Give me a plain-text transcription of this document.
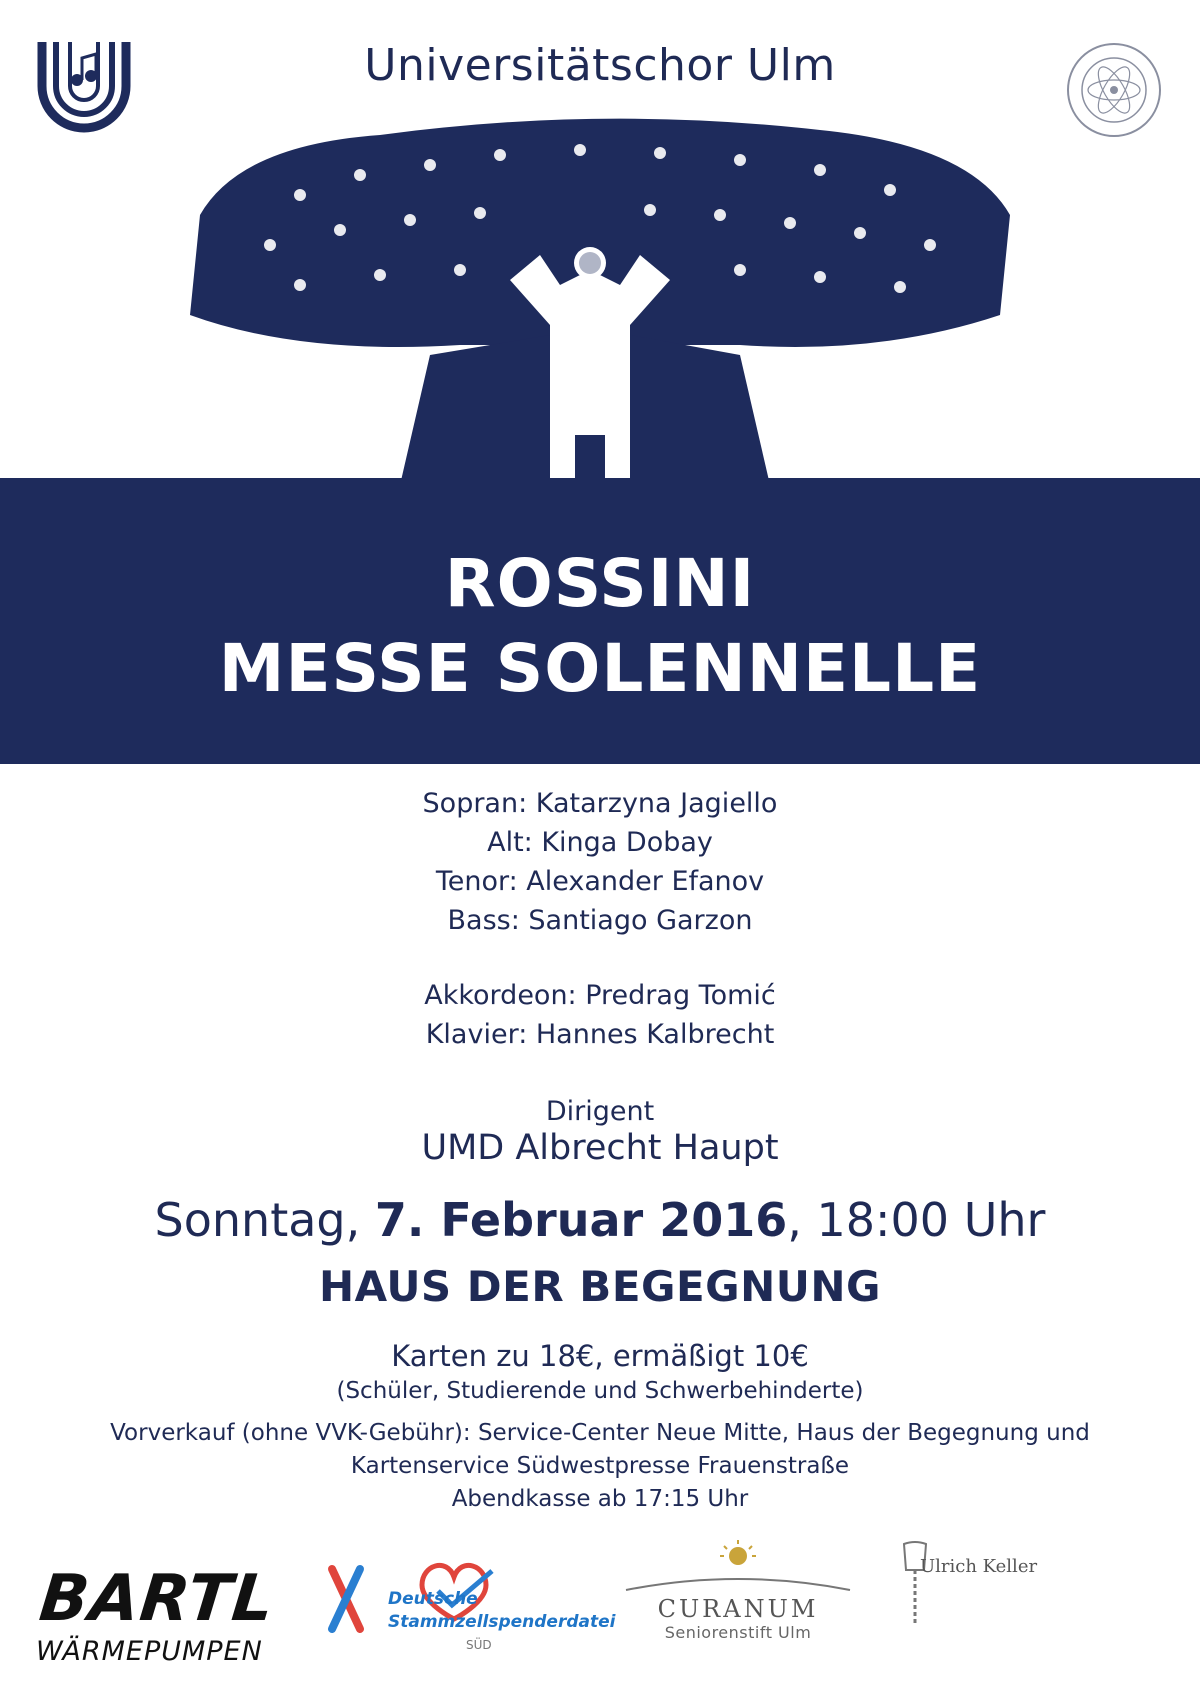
Universitätschor Ulm
ROSSINI
MESSE SOLENNELLE
Sopran: Katarzyna Jagiello
Alt: Kinga Dobay
Tenor: Alexander Efanov
Bass: Santiago Garzon
Akkordeon: Predrag Tomić
Klavier: Hannes Kalbrecht
Dirigent
UMD Albrecht Haupt
Sonntag, 7. Februar 2016, 18:00 Uhr
HAUS DER BEGEGNUNG
Karten zu 18€, ermäßigt 10€
(Schüler, Studierende und Schwerbehinderte)
Vorverkauf (ohne VVK-Gebühr): Service-Center Neue Mitte, Haus der Begegnung und
Kartenservice Südwestpresse Frauenstraße
Abendkasse ab 17:15 Uhr
BARTL
WÄRMEPUMPEN
Deutsche
Stammzellspenderdatei
SÜD
CURANUM
Seniorenstift Ulm
Ulrich Keller
